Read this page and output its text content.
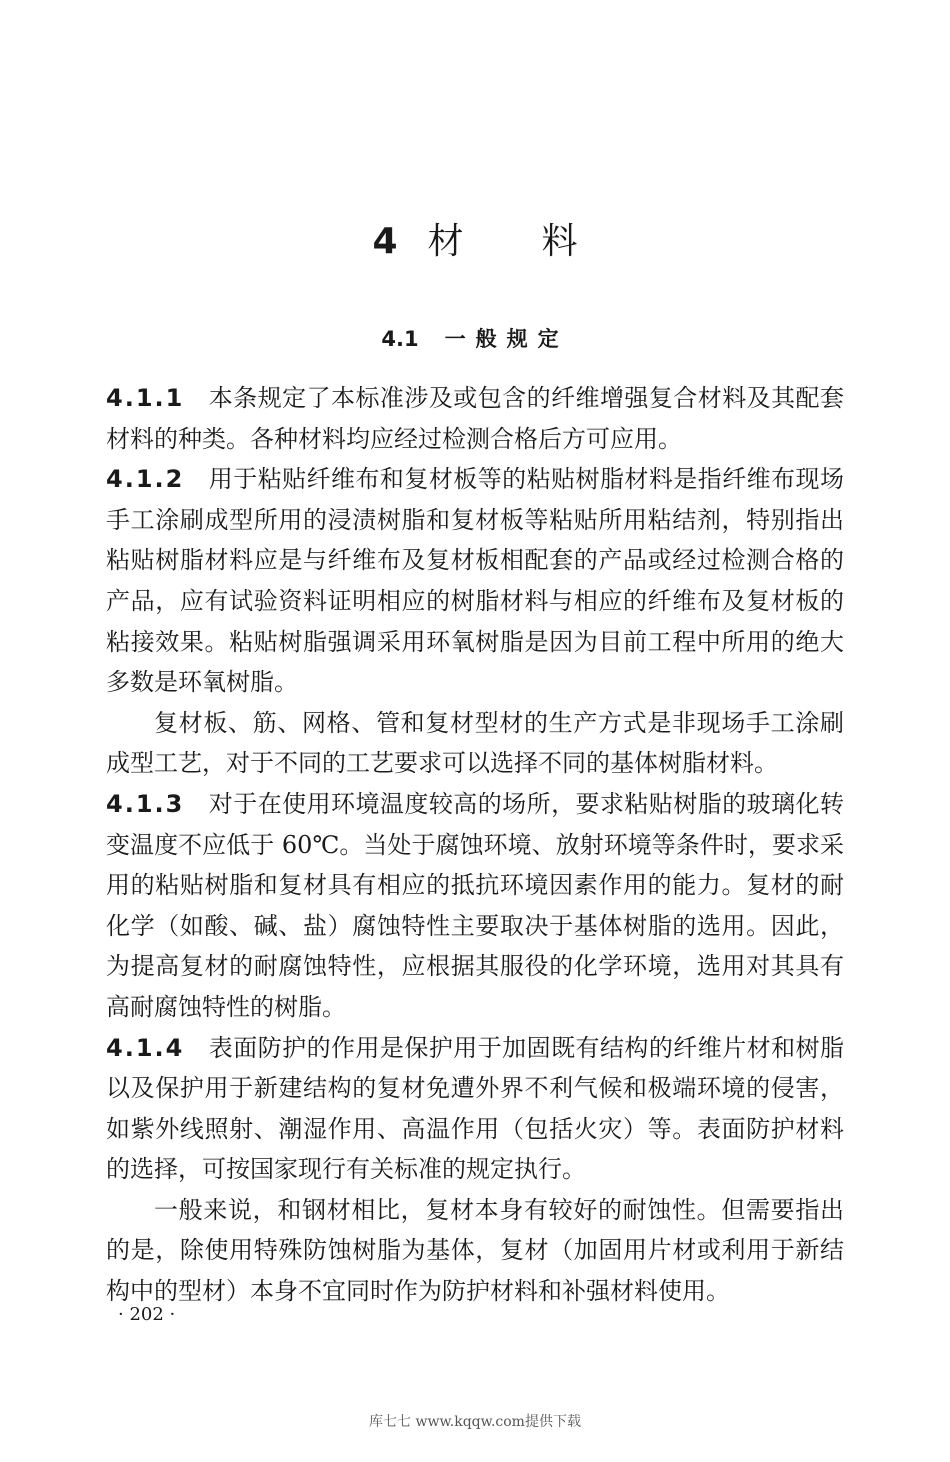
4 材料
4.1 一般规定

4.1.1 本条规定了本标准涉及或包含的纤维增强复合材料及其配套材料的种类。各种材料均应经过检测合格后方可应用。

4.1.2 用于粘贴纤维布和复材板等的粘贴树脂材料是指纤维布现场手工涂刷成型所用的浸渍树脂和复材板等粘贴所用粘结剂，特别指出粘贴树脂材料应是与纤维布及复材板相配套的产品或经过检测合格的产品，应有试验资料证明相应的树脂材料与相应的纤维布及复材板的粘接效果。粘贴树脂强调采用环氧树脂是因为目前工程中所用的绝大多数是环氧树脂。

复材板、筋、网格、管和复材型材的生产方式是非现场手工涂刷成型工艺，对于不同的工艺要求可以选择不同的基体树脂材料。

4.1.3 对于在使用环境温度较高的场所，要求粘贴树脂的玻璃化转变温度不应低于 60℃。当处于腐蚀环境、放射环境等条件时，要求采用的粘贴树脂和复材具有相应的抵抗环境因素作用的能力。复材的耐化学（如酸、碱、盐）腐蚀特性主要取决于基体树脂的选用。因此，为提高复材的耐腐蚀特性，应根据其服役的化学环境，选用对其具有高耐腐蚀特性的树脂。

4.1.4 表面防护的作用是保护用于加固既有结构的纤维片材和树脂以及保护用于新建结构的复材免遭外界不利气候和极端环境的侵害，如紫外线照射、潮湿作用、高温作用（包括火灾）等。表面防护材料的选择，可按国家现行有关标准的规定执行。

一般来说，和钢材相比，复材本身有较好的耐蚀性。但需要指出的是，除使用特殊防蚀树脂为基体，复材（加固用片材或利用于新结构中的型材）本身不宜同时作为防护材料和补强材料使用。

· 202 ·
库七七 www.kqqw.com提供下载
